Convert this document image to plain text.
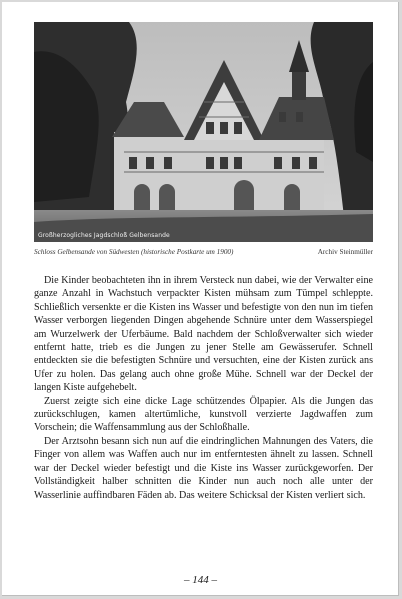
Großherzogliches Jagdschloß Gelbensande
Schloss Gelbensande von Südwesten (historische Postkarte um 1900)	Archiv Steinmüller

Die Kinder beobachteten ihn in ihrem Versteck nun dabei, wie der Verwalter eine ganze Anzahl in Wachstuch verpackter Kisten mühsam zum Tümpel schleppte. Schließlich versenkte er die Kisten ins Wasser und befestigte von den nun im tiefen Wasser verborgen liegenden Dingen abgehende Schnüre unter dem Wasserspiegel am Wurzelwerk der Uferbäume. Bald nachdem der Schloßverwalter sich wieder entfernt hatte, trieb es die Jungen zu jener Stelle am Gewässerufer. Schnell entdeckten sie die befestigten Schnüre und versuchten, eine der Kisten zurück ans Ufer zu holen. Das gelang auch ohne große Mühe. Schnell war der Deckel der langen Kiste aufgehebelt.

Zuerst zeigte sich eine dicke Lage schützendes Ölpapier. Als die Jungen das zurückschlugen, kamen altertümliche, kunstvoll verzierte Jagdwaffen zum Vorschein; die Waffensammlung aus der Schloßhalle.

Der Arztsohn besann sich nun auf die eindringlichen Mahnungen des Vaters, die Finger von allem was Waffen auch nur im entferntesten ähnelt zu lassen. Schnell war der Deckel wieder befestigt und die Kiste ins Wasser zurückgeworfen. Der Vollständigkeit halber schnitten die Kinder nun auch noch alle unter der Wasserlinie auffindbaren Fäden ab. Das weitere Schicksal der Kisten verliert sich.

– 144 –
